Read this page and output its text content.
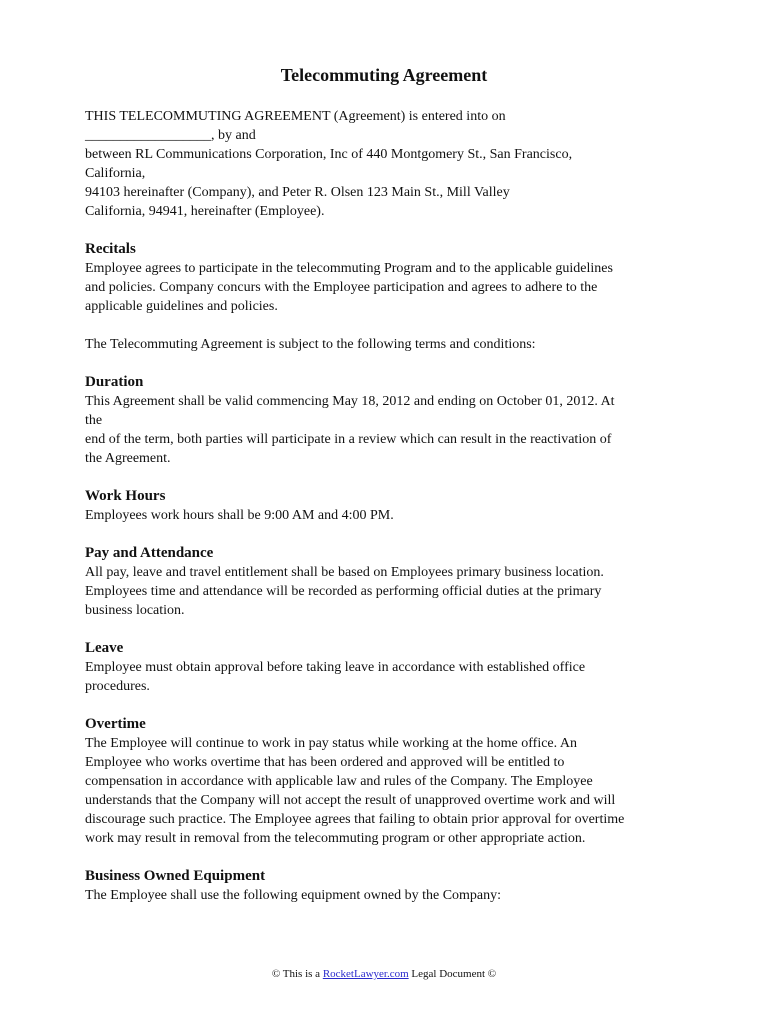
Telecommuting Agreement
THIS TELECOMMUTING AGREEMENT (Agreement) is entered into on
__________________, by and
between RL Communications Corporation, Inc of 440 Montgomery St., San Francisco,
California,
94103 hereinafter (Company), and Peter R. Olsen 123 Main St., Mill Valley
California, 94941, hereinafter (Employee).
Recitals
Employee agrees to participate in the telecommuting Program and to the applicable guidelines
and policies. Company concurs with the Employee participation and agrees to adhere to the
applicable guidelines and policies.
The Telecommuting Agreement is subject to the following terms and conditions:
Duration
This Agreement shall be valid commencing May 18, 2012 and ending on October 01, 2012. At
the
end of the term, both parties will participate in a review which can result in the reactivation of
the Agreement.
Work Hours
Employees work hours shall be 9:00 AM and 4:00 PM.
Pay and Attendance
All pay, leave and travel entitlement shall be based on Employees primary business location.
Employees time and attendance will be recorded as performing official duties at the primary
business location.
Leave
Employee must obtain approval before taking leave in accordance with established office
procedures.
Overtime
The Employee will continue to work in pay status while working at the home office. An
Employee who works overtime that has been ordered and approved will be entitled to
compensation in accordance with applicable law and rules of the Company. The Employee
understands that the Company will not accept the result of unapproved overtime work and will
discourage such practice. The Employee agrees that failing to obtain prior approval for overtime
work may result in removal from the telecommuting program or other appropriate action.
Business Owned Equipment
The Employee shall use the following equipment owned by the Company:
© This is a RocketLawyer.com Legal Document ©
